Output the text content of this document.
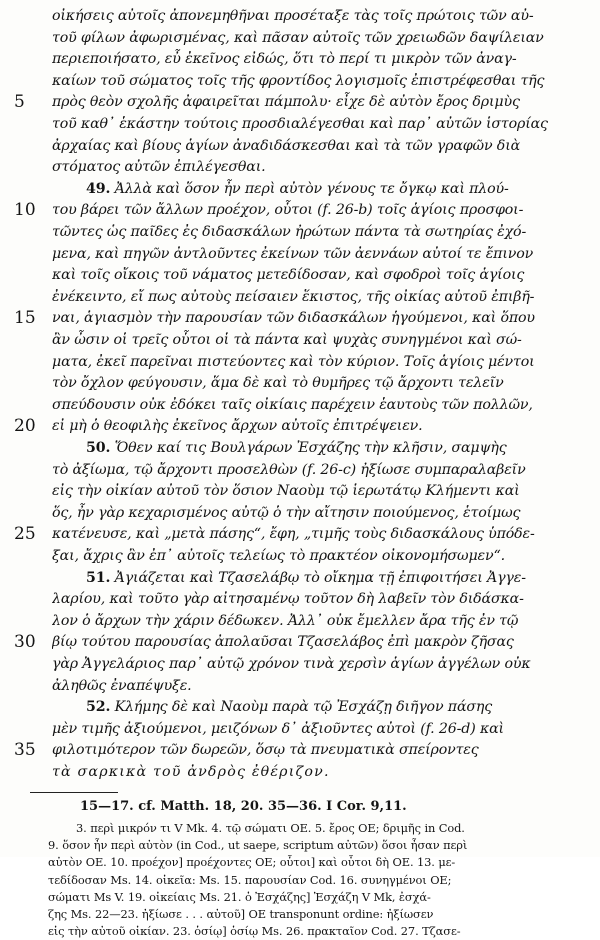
οἰκήσεις αὐτοῖς ἀπονεμηθῆναι προσέταξε τὰς τοῖς πρώτοις τῶν αὐ-
τοῦ φίλων ἀφωρισμένας, καὶ πᾶσαν αὐτοῖς τῶν χρειωδῶν δαψίλειαν
περιεποιήσατο, εὖ ἐκεῖνος εἰδώς, ὅτι τὸ περί τι μικρὸν τῶν ἀναγ-
καίων τοῦ σώματος τοῖς τῆς φροντίδος λογισμοῖς ἐπιστρέφεσθαι τῆς
πρὸς θεὸν σχολῆς ἀφαιρεῖται πάμπολυ· εἶχε δὲ αὐτὸν ἔρος δριμὺς
5
τοῦ καθ᾿ ἑκάστην τούτοις προσδιαλέγεσθαι καὶ παρ᾿ αὐτῶν ἱστορίας
ἀρχαίας καὶ βίους ἁγίων ἀναδιδάσκεσθαι καὶ τὰ τῶν γραφῶν διὰ
στόματος αὐτῶν ἐπιλέγεσθαι.
49. Ἀλλὰ καὶ ὅσον ἦν περὶ αὐτὸν γένους τε ὄγκῳ καὶ πλού-
του βάρει τῶν ἄλλων προέχον, οὗτοι (f. 26-b) τοῖς ἁγίοις προσφοι-
10
τῶντες ὡς παῖδες ἐς διδασκάλων ἠρώτων πάντα τὰ σωτηρίας ἐχό-
μενα, καὶ πηγῶν ἀντλοῦντες ἐκείνων τῶν ἀεννάων αὐτοί τε ἔπινον
καὶ τοῖς οἴκοις τοῦ νάματος μετεδίδοσαν, καὶ σφοδροὶ τοῖς ἁγίοις
ἐνέκειντο, εἴ πως αὐτοὺς πείσαιεν ἕκιστος, τῆς οἰκίας αὐτοῦ ἐπιβῆ-
ναι, ἁγιασμὸν τὴν παρουσίαν τῶν διδασκάλων ἡγούμενοι, καὶ ὅπου
15
ἂν ὦσιν οἱ τρεῖς οὗτοι οἱ τὰ πάντα καὶ ψυχὰς συνηγμένοι καὶ σώ-
ματα, ἐκεῖ παρεῖναι πιστεύοντες καὶ τὸν κύριον. Τοῖς ἁγίοις μέντοι
τὸν ὄχλον φεύγουσιν, ἅμα δὲ καὶ τὸ θυμῆρες τῷ ἄρχοντι τελεῖν
σπεύδουσιν οὐκ ἐδόκει ταῖς οἰκίαις παρέχειν ἑαυτοὺς τῶν πολλῶν,
εἰ μὴ ὁ θεοφιλὴς ἐκεῖνος ἄρχων αὐτοῖς ἐπιτρέψειεν.
20
50. Ὅθεν καί τις Βουλγάρων Ἐσχάζης τὴν κλῆσιν, σαμψὴς
τὸ ἀξίωμα, τῷ ἄρχοντι προσελθὼν (f. 26-c) ἠξίωσε συμπαραλαβεῖν
εἰς τὴν οἰκίαν αὐτοῦ τὸν ὅσιον Ναοὺμ τῷ ἱερωτάτῳ Κλήμεντι καὶ
ὅς, ἦν γὰρ κεχαρισμένος αὐτῷ ὁ τὴν αἴτησιν ποιούμενος, ἑτοίμως
κατένευσε, καὶ „μετὰ πάσης“, ἔφη, „τιμῆς τοὺς διδασκάλους ὑπόδε-
25
ξαι, ἄχρις ἂν ἐπ᾿ αὐτοῖς τελείως τὸ πρακτέον οἰκονομήσωμεν“.
51. Ἀγιάζεται καὶ Τζασελάβῳ τὸ οἴκημα τῇ ἐπιφοιτήσει Ἀγγε-
λαρίου, καὶ τοῦτο γὰρ αἰτησαμένῳ τοῦτον δὴ λαβεῖν τὸν διδάσκα-
λον ὁ ἄρχων τὴν χάριν δέδωκεν. Ἀλλ᾿ οὐκ ἔμελλεν ἄρα τῆς ἐν τῷ
βίῳ τούτου παρουσίας ἀπολαῦσαι Τζασελάβος ἐπὶ μακρὸν ζῆσας
30
γὰρ Ἀγγελάριος παρ᾿ αὐτῷ χρόνον τινὰ χερσὶν ἁγίων ἀγγέλων οὐκ
ἀληθῶς ἐναπέψυξε.
52. Κλήμης δὲ καὶ Ναοὺμ παρὰ τῷ Ἐσχάζῃ διῆγον πάσης
μὲν τιμῆς ἀξιούμενοι, μειζόνων δ᾿ ἀξιοῦντες αὐτοὶ (f. 26-d) καὶ
φιλοτιμότερον τῶν δωρεῶν, ὅσῳ τὰ πνευματικὰ σπείροντες
35
τὰ σαρκικὰ τοῦ ἀνδρὸς ἐθέριζον.
15—17. cf. Matth. 18, 20. 35—36. I Cor. 9,11.
3. περὶ μικρόν τι V Mk. 4. τῷ σώματι OE. 5. ἔρος OE; δριμῆς in Cod.
9. ὅσον ἦν περὶ αὐτὸν (in Cod., ut saepe, scriptum αὐτῶν) ὅσοι ἦσαν περὶ
αὐτὸν OE. 10. προέχον] προέχοντες OE; οὗτοι] καὶ οὗτοι δὴ OE. 13. με-
τεδίδοσαν Ms. 14. οἰκεῖα: Ms. 15. παρουσίαν Cod. 16. συνηγμένοι OE;
σώματι Ms V. 19. οἰκείαις Ms. 21. ὁ Ἐσχάζης] Ἐσχάζη V Mk, ἐσχά-
ζης Ms. 22—23. ἠξίωσε . . . αὐτοῦ] OE transponunt ordine: ἠξίωσεν
εἰς τὴν αὐτοῦ οἰκίαν. 23. ὁσίῳ] ὁσίῳ Ms. 26. πρακταῖον Cod. 27. Τζασε-
